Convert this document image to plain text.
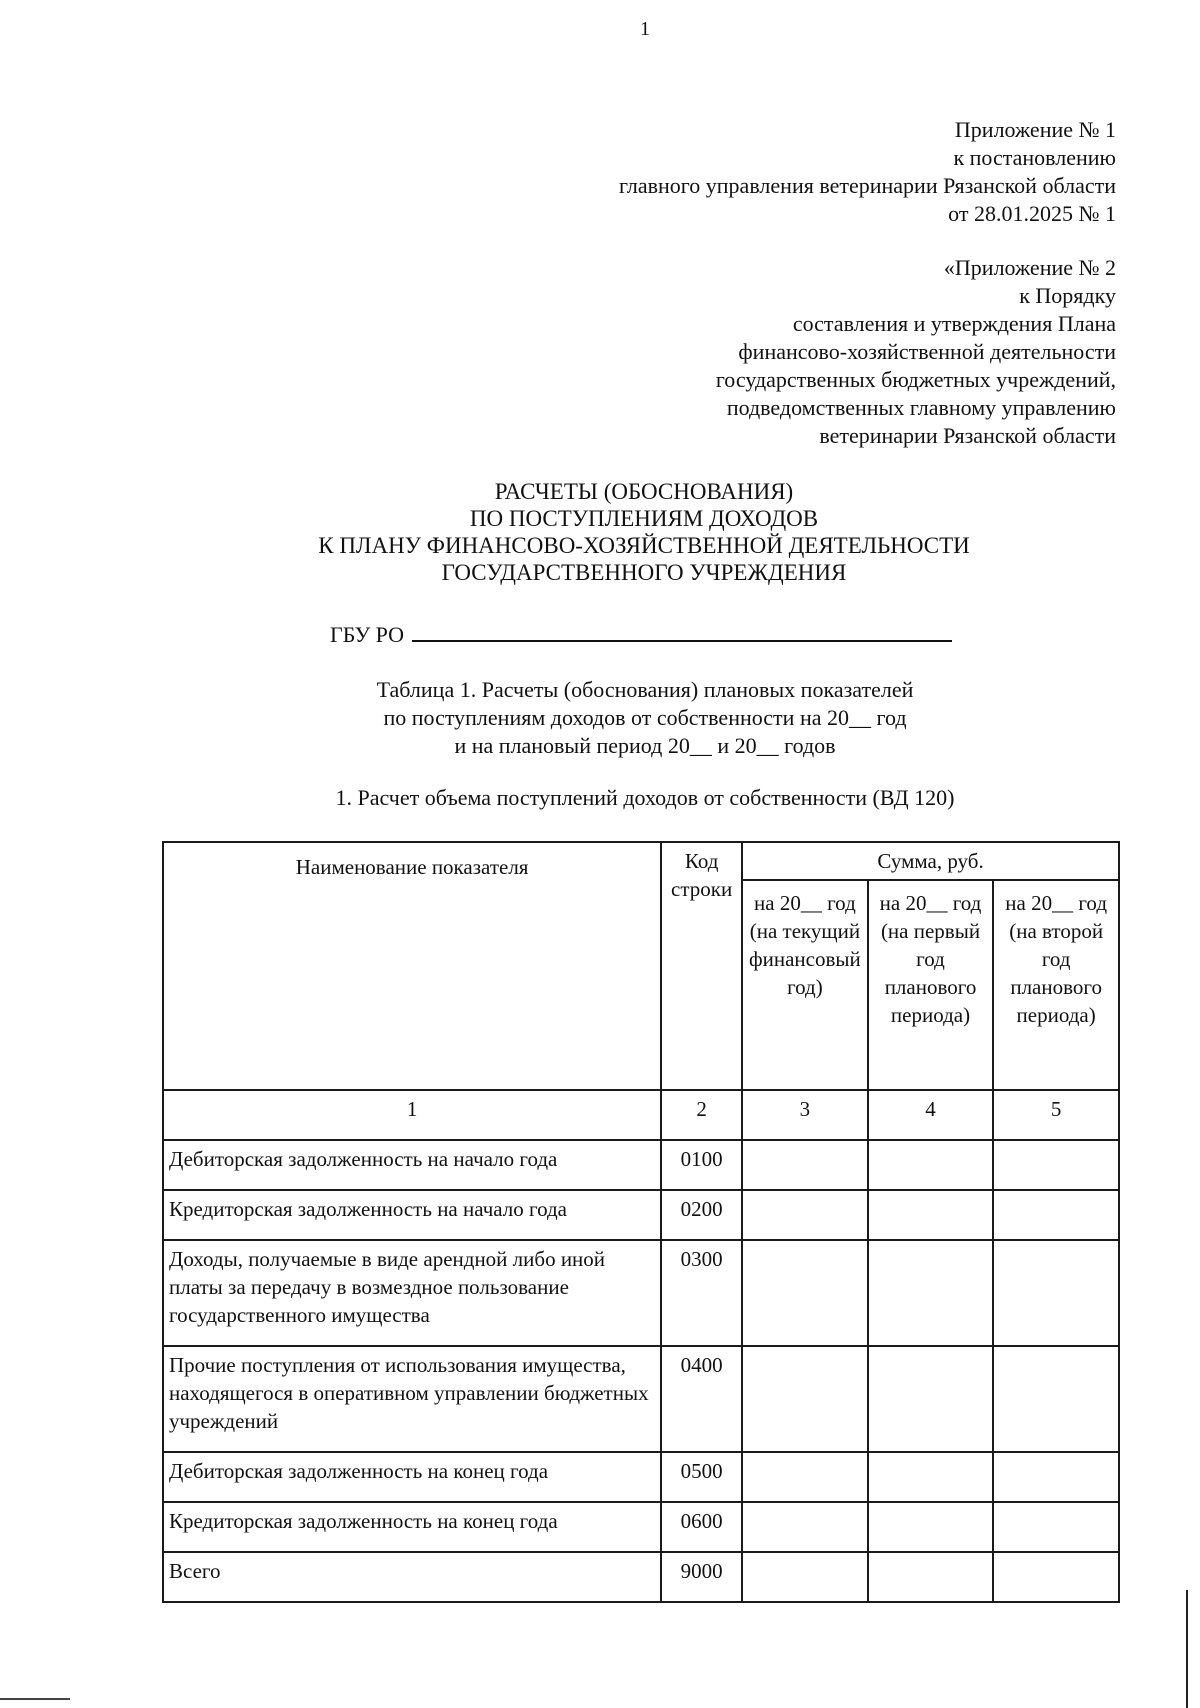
1
Приложение № 1
к постановлению
главного управления ветеринарии Рязанской области
от 28.01.2025 № 1
«Приложение № 2
к Порядку
составления и утверждения Плана
финансово-хозяйственной деятельности
государственных бюджетных учреждений,
подведомственных главному управлению
ветеринарии Рязанской области
РАСЧЕТЫ (ОБОСНОВАНИЯ)
ПО ПОСТУПЛЕНИЯМ ДОХОДОВ
К ПЛАНУ ФИНАНСОВО-ХОЗЯЙСТВЕННОЙ ДЕЯТЕЛЬНОСТИ
ГОСУДАРСТВЕННОГО УЧРЕЖДЕНИЯ
ГБУ РО
Таблица 1. Расчеты (обоснования) плановых показателей
по поступлениям доходов от собственности на 20__ год
и на плановый период 20__ и 20__ годов
1. Расчет объема поступлений доходов от собственности (ВД 120)
Наименование показателя	Код строки	Сумма, руб.		
		на 20__ год (на текущий финансовый год)	на 20__ год (на первый год планового периода)	на 20__ год (на второй год планового периода)
1	2	3	4	5
Дебиторская задолженность на начало года	0100			
Кредиторская задолженность на начало года	0200			
Доходы, получаемые в виде арендной либо иной платы за передачу в возмездное пользование государственного имущества	0300			
Прочие поступления от использования имущества, находящегося в оперативном управлении бюджетных учреждений	0400			
Дебиторская задолженность на конец года	0500			
Кредиторская задолженность на конец года	0600			
Всего	9000			
